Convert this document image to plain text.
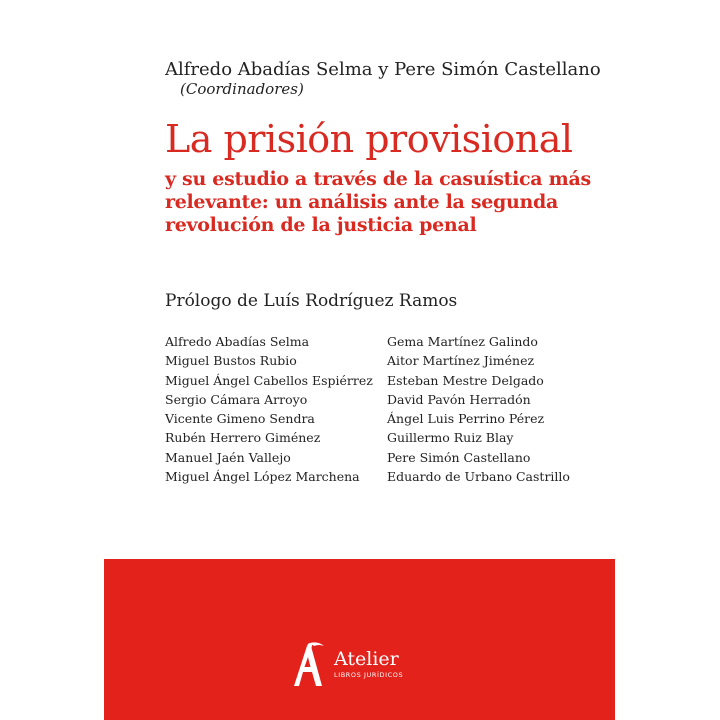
Alfredo Abadías Selma y Pere Simón Castellano
(Coordinadores)
La prisión provisional
y su estudio a través de la casuística más
relevante: un análisis ante la segunda
revolución de la justicia penal
Prólogo de Luís Rodríguez Ramos
Alfredo Abadías Selma
Miguel Bustos Rubio
Miguel Ángel Cabellos Espiérrez
Sergio Cámara Arroyo
Vicente Gimeno Sendra
Rubén Herrero Giménez
Manuel Jaén Vallejo
Miguel Ángel López Marchena
Gema Martínez Galindo
Aitor Martínez Jiménez
Esteban Mestre Delgado
David Pavón Herradón
Ángel Luis Perrino Pérez
Guillermo Ruiz Blay
Pere Simón Castellano
Eduardo de Urbano Castrillo
Atelier
LIBROS JURÍDICOS
